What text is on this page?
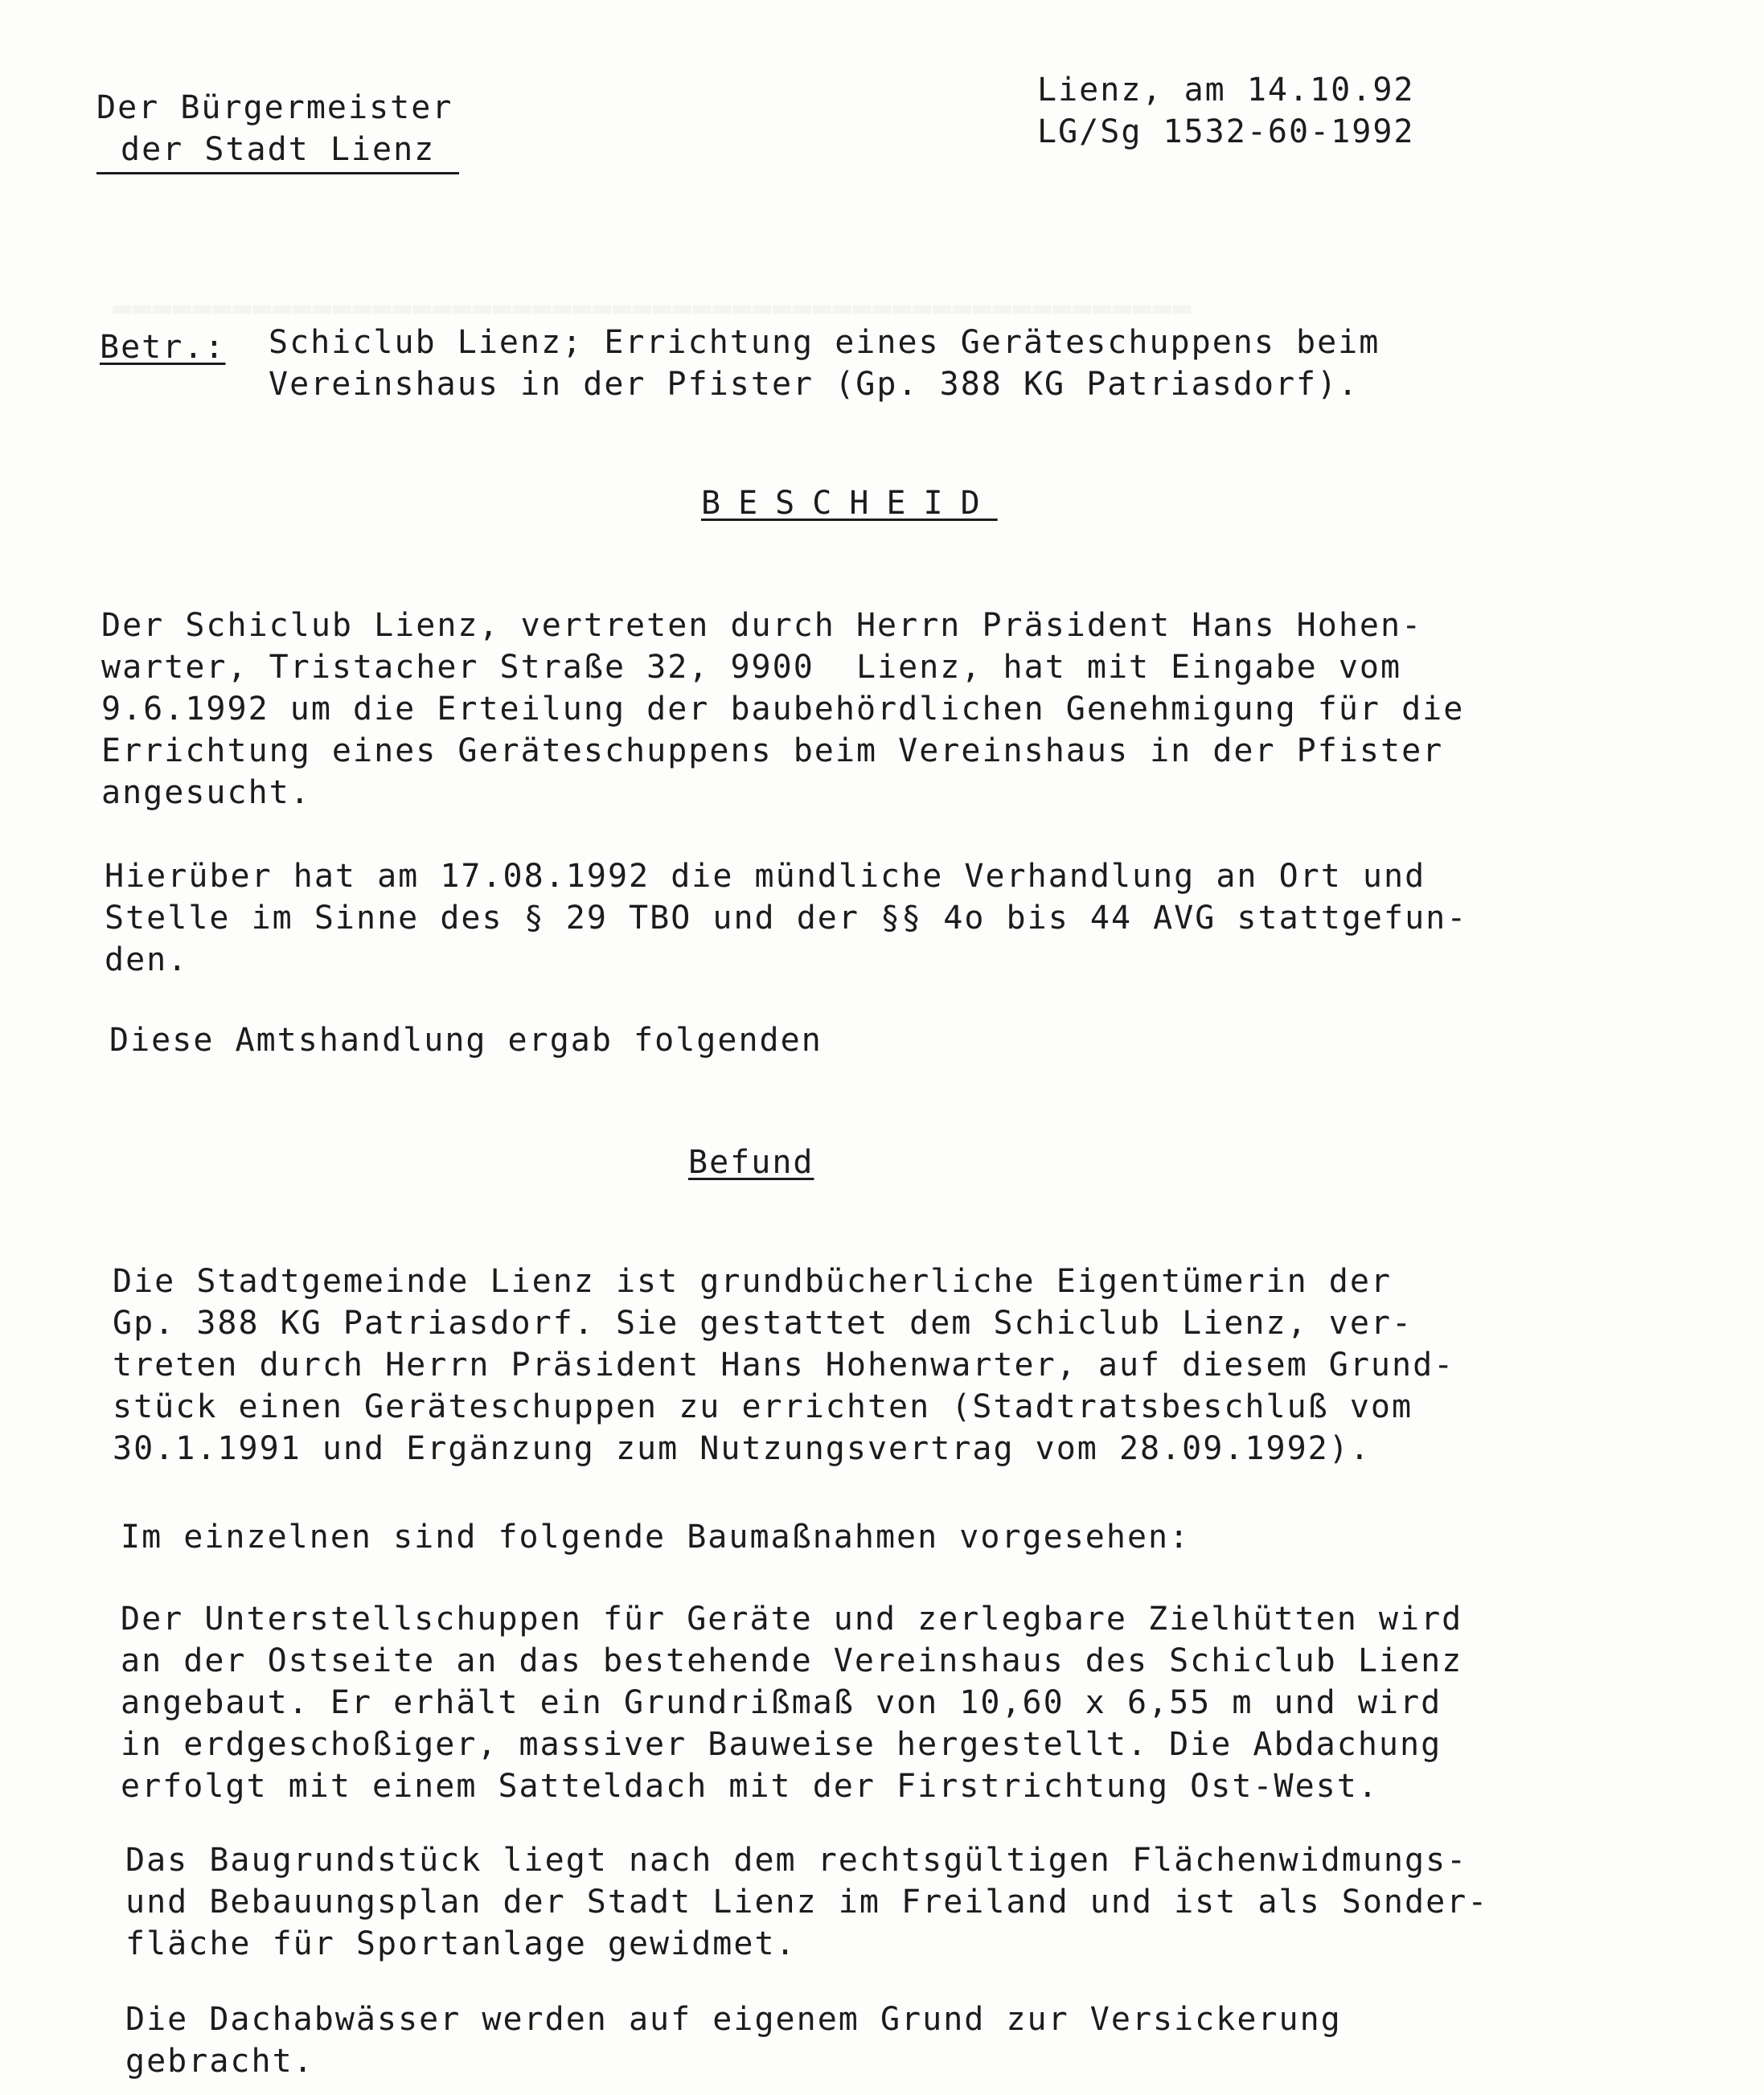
Der Bürgermeister
der Stadt Lienz
Lienz, am 14.10.92
LG/Sg 1532-60-1992
Betr.: Schiclub Lienz; Errichtung eines Geräteschuppens beim
Vereinshaus in der Pfister (Gp. 388 KG Patriasdorf).
BESCHEID
Der Schiclub Lienz, vertreten durch Herrn Präsident Hans Hohen-
warter, Tristacher Straße 32, 9900  Lienz, hat mit Eingabe vom
9.6.1992 um die Erteilung der baubehördlichen Genehmigung für die
Errichtung eines Geräteschuppens beim Vereinshaus in der Pfister
angesucht.
Hierüber hat am 17.08.1992 die mündliche Verhandlung an Ort und
Stelle im Sinne des § 29 TBO und der §§ 4o bis 44 AVG stattgefun-
den.
Diese Amtshandlung ergab folgenden
Befund
Die Stadtgemeinde Lienz ist grundbücherliche Eigentümerin der
Gp. 388 KG Patriasdorf. Sie gestattet dem Schiclub Lienz, ver-
treten durch Herrn Präsident Hans Hohenwarter, auf diesem Grund-
stück einen Geräteschuppen zu errichten (Stadtratsbeschluß vom
30.1.1991 und Ergänzung zum Nutzungsvertrag vom 28.09.1992).
Im einzelnen sind folgende Baumaßnahmen vorgesehen:
Der Unterstellschuppen für Geräte und zerlegbare Zielhütten wird
an der Ostseite an das bestehende Vereinshaus des Schiclub Lienz
angebaut. Er erhält ein Grundrißmaß von 10,60 x 6,55 m und wird
in erdgeschoßiger, massiver Bauweise hergestellt. Die Abdachung
erfolgt mit einem Satteldach mit der Firstrichtung Ost-West.
Das Baugrundstück liegt nach dem rechtsgültigen Flächenwidmungs-
und Bebauungsplan der Stadt Lienz im Freiland und ist als Sonder-
fläche für Sportanlage gewidmet.
Die Dachabwässer werden auf eigenem Grund zur Versickerung
gebracht.
